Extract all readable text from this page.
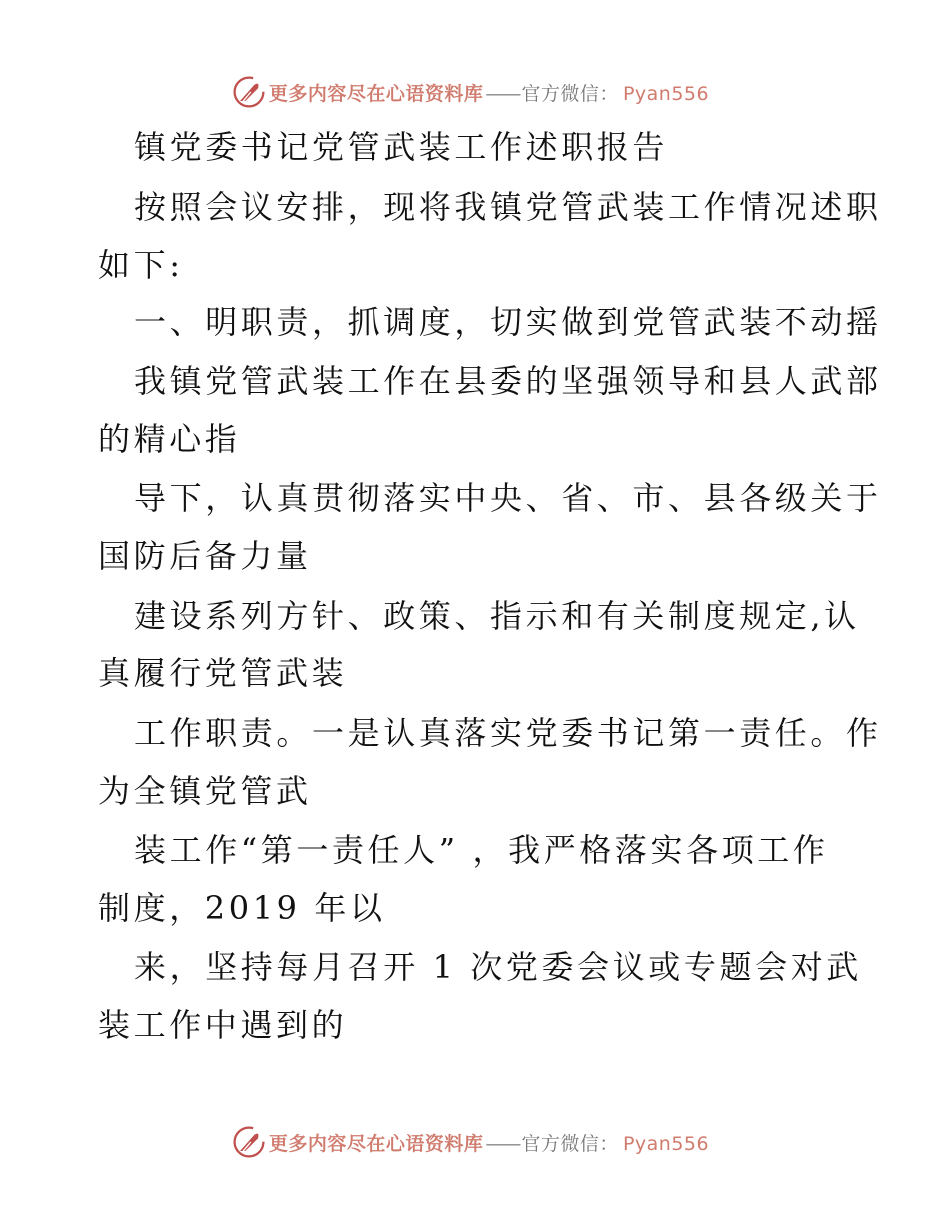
更多内容尽在心语资料库 —— 官方微信： Pyan556
镇党委书记党管武装工作述职报告
按照会议安排，现将我镇党管武装工作情况述职
如下:
一、明职责，抓调度，切实做到党管武装不动摇
我镇党管武装工作在县委的坚强领导和县人武部
的精心指
导下，认真贯彻落实中央、省、市、县各级关于
国防后备力量
建设系列方针、政策、指示和有关制度规定,认
真履行党管武装
工作职责。一是认真落实党委书记第一责任。作
为全镇党管武
装工作“第一责任人” ，我严格落实各项工作
制度，2019 年以
来，坚持每月召开 1 次党委会议或专题会对武
装工作中遇到的
更多内容尽在心语资料库 —— 官方微信： Pyan556
